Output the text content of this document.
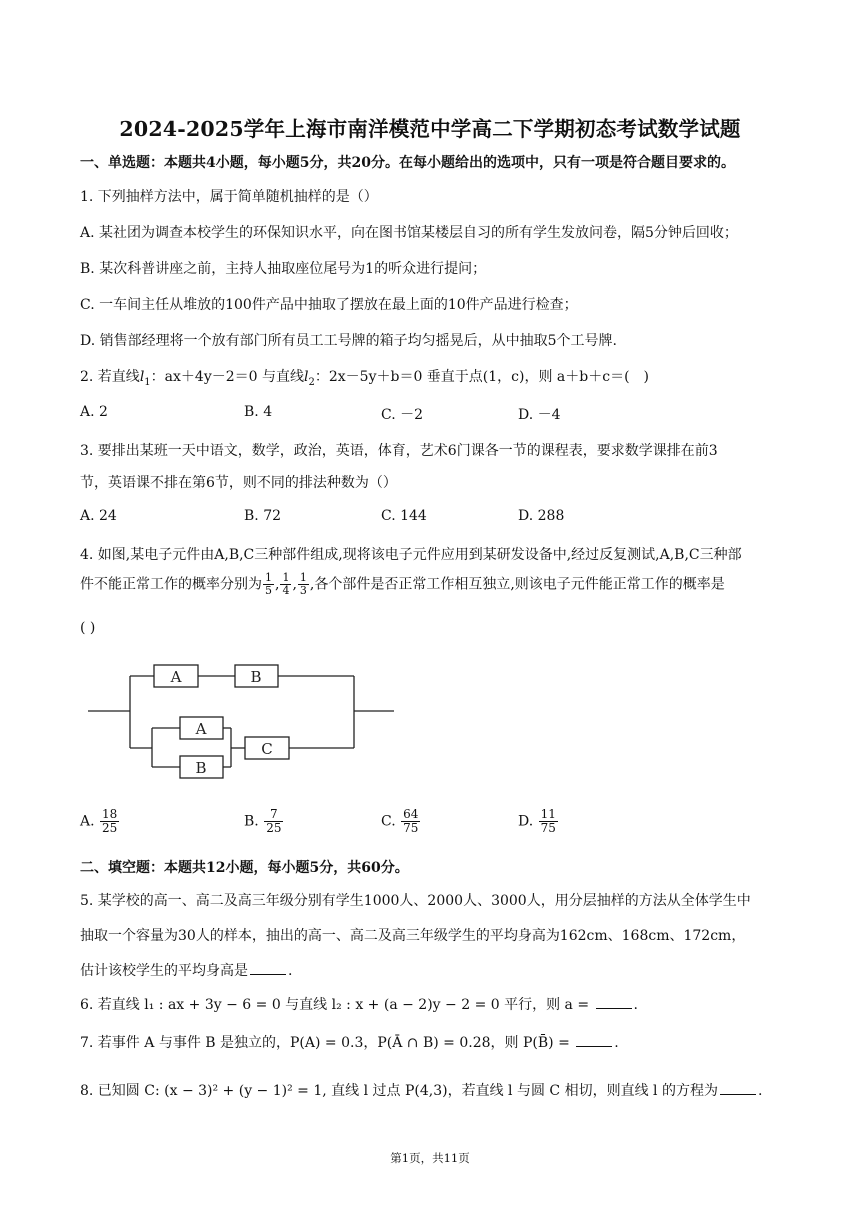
2024-2025学年上海市南洋模范中学高二下学期初态考试数学试题
一、单选题：本题共4小题，每小题5分，共20分。在每小题给出的选项中，只有一项是符合题目要求的。
1. 下列抽样方法中，属于简单随机抽样的是（）
A. 某社团为调查本校学生的环保知识水平，向在图书馆某楼层自习的所有学生发放问卷，隔5分钟后回收；
B. 某次科普讲座之前，主持人抽取座位尾号为1的听众进行提问；
C. 一车间主任从堆放的100件产品中抽取了摆放在最上面的10件产品进行检查；
D. 销售部经理将一个放有部门所有员工工号牌的箱子均匀摇晃后，从中抽取5个工号牌.
2. 若直线$l_1$：ax＋4y－2＝0 与直线$l_2$：2x－5y＋b＝0 垂直于点(1，c)，则 a＋b＋c＝(　)
A. 2	B. 4	C. －2	D. －4
3. 要排出某班一天中语文，数学，政治，英语，体育，艺术6门课各一节的课程表，要求数学课排在前3
节，英语课不排在第6节，则不同的排法种数为（）
A. 24	B. 72	C. 144	D. 288
4. 如图,某电子元件由A,B,C三种部件组成,现将该电子元件应用到某研发设备中,经过反复测试,A,B,C三种部
件不能正常工作的概率分别为 $\frac{1}{5}$ , $\frac{1}{4}$ , $\frac{1}{3}$ ,各个部件是否正常工作相互独立,则该电子元件能正常工作的概率是
( )
A	B
A
B
C
A. $\frac{18}{25}$	B. $\frac{7}{25}$	C. $\frac{64}{75}$	D. $\frac{11}{75}$
二、填空题：本题共12小题，每小题5分，共60分。
5. 某学校的高一、高二及高三年级分别有学生1000人、2000人、3000人，用分层抽样的方法从全体学生中
抽取一个容量为30人的样本，抽出的高一、高二及高三年级学生的平均身高为162cm、168cm、172cm，
估计该校学生的平均身高是	.
6. 若直线 l₁ : ax + 3y − 6 = 0 与直线 l₂ : x + (a − 2)y − 2 = 0 平行，则 a =	.
7. 若事件 A 与事件 B 是独立的，P(A) = 0.3，P(Ā ∩ B) = 0.28，则 P(B̄) =	.
8. 已知圆 C: (x − 3)² + (y − 1)² = 1, 直线 l 过点 P(4,3)，若直线 l 与圆 C 相切，则直线 l 的方程为	.
第1页，共11页
